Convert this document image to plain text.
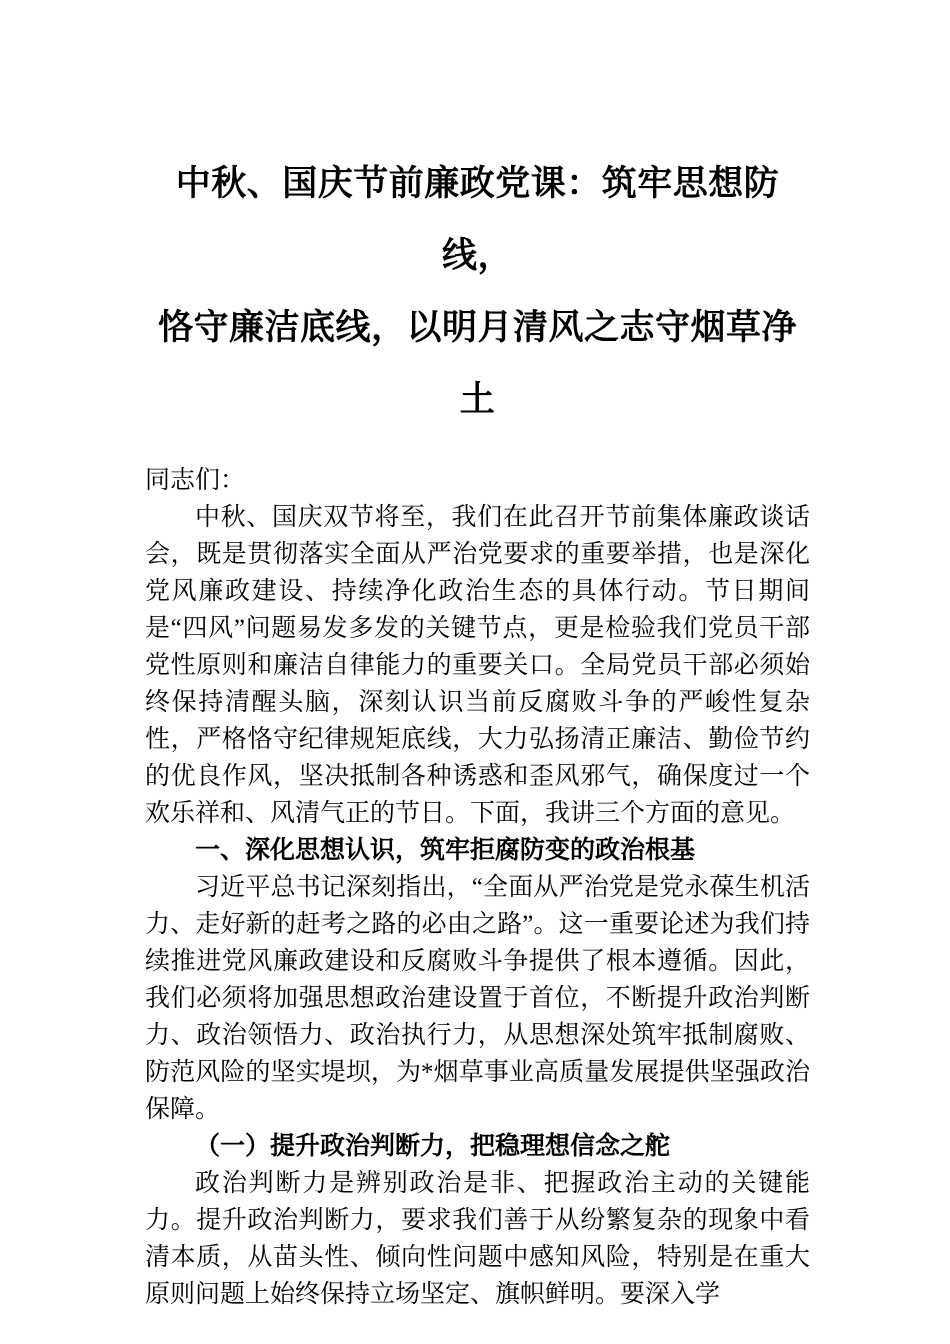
中秋、国庆节前廉政党课：筑牢思想防线，
恪守廉洁底线，以明月清风之志守烟草净
土

同志们：

中秋、国庆双节将至，我们在此召开节前集体廉政谈话会，既是贯彻落实全面从严治党要求的重要举措，也是深化党风廉政建设、持续净化政治生态的具体行动。节日期间是“四风”问题易发多发的关键节点，更是检验我们党员干部党性原则和廉洁自律能力的重要关口。全局党员干部必须始终保持清醒头脑，深刻认识当前反腐败斗争的严峻性复杂性，严格恪守纪律规矩底线，大力弘扬清正廉洁、勤俭节约的优良作风，坚决抵制各种诱惑和歪风邪气，确保度过一个欢乐祥和、风清气正的节日。下面，我讲三个方面的意见。

一、深化思想认识，筑牢拒腐防变的政治根基

习近平总书记深刻指出，“全面从严治党是党永葆生机活力、走好新的赶考之路的必由之路”。这一重要论述为我们持续推进党风廉政建设和反腐败斗争提供了根本遵循。因此，我们必须将加强思想政治建设置于首位，不断提升政治判断力、政治领悟力、政治执行力，从思想深处筑牢抵制腐败、防范风险的坚实堤坝，为*烟草事业高质量发展提供坚强政治保障。

（一）提升政治判断力，把稳理想信念之舵

政治判断力是辨别政治是非、把握政治主动的关键能力。提升政治判断力，要求我们善于从纷繁复杂的现象中看清本质，从苗头性、倾向性问题中感知风险，特别是在重大原则问题上始终保持立场坚定、旗帜鲜明。要深入学
